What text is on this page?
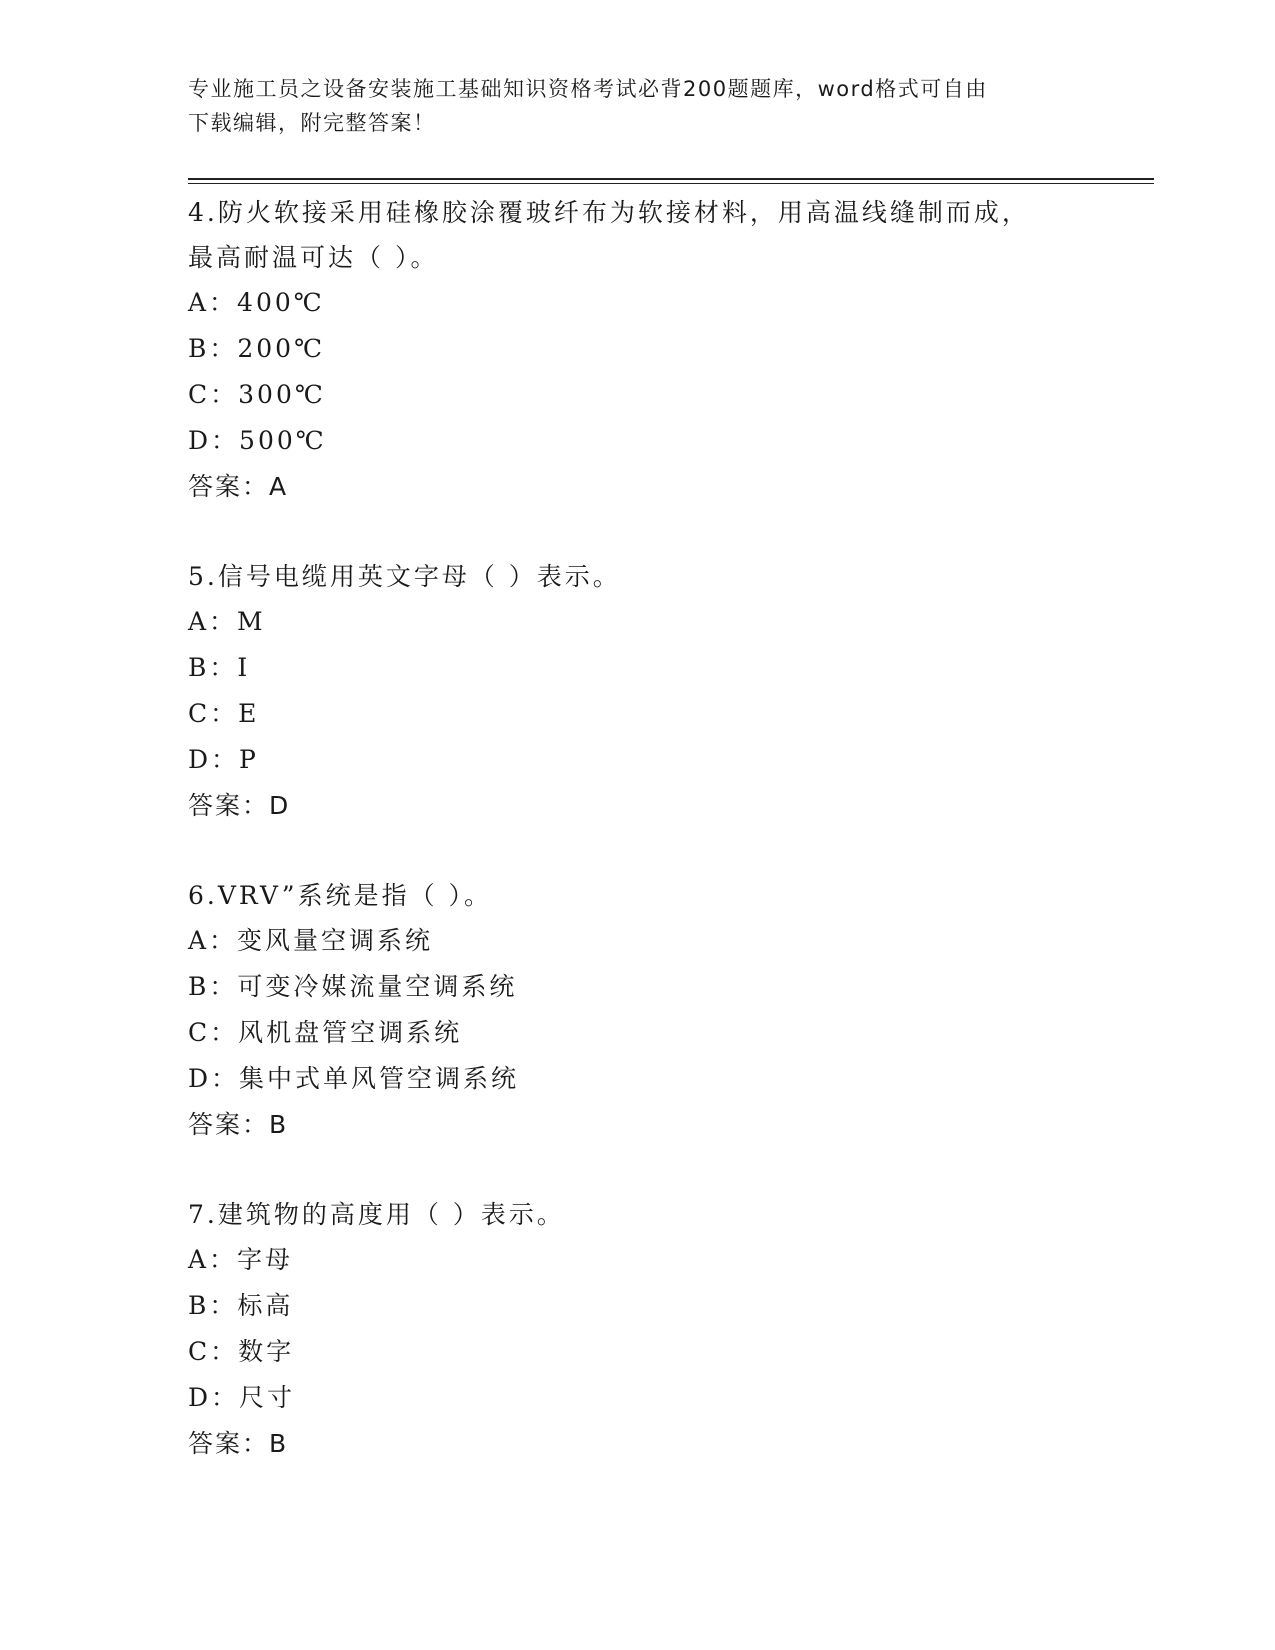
专业施工员之设备安装施工基础知识资格考试必背200题题库，word格式可自由
下载编辑，附完整答案！
4.防火软接采用硅橡胶涂覆玻纤布为软接材料，用高温线缝制而成，
最高耐温可达（ ）。
A：400℃
B：200℃
C：300℃
D：500℃
答案：A
5.信号电缆用英文字母（ ）表示。
A：M
B：I
C：E
D：P
答案：D
6.VRV”系统是指（ ）。
A：变风量空调系统
B：可变冷媒流量空调系统
C：风机盘管空调系统
D：集中式单风管空调系统
答案：B
7.建筑物的高度用（ ）表示。
A：字母
B：标高
C：数字
D：尺寸
答案：B
